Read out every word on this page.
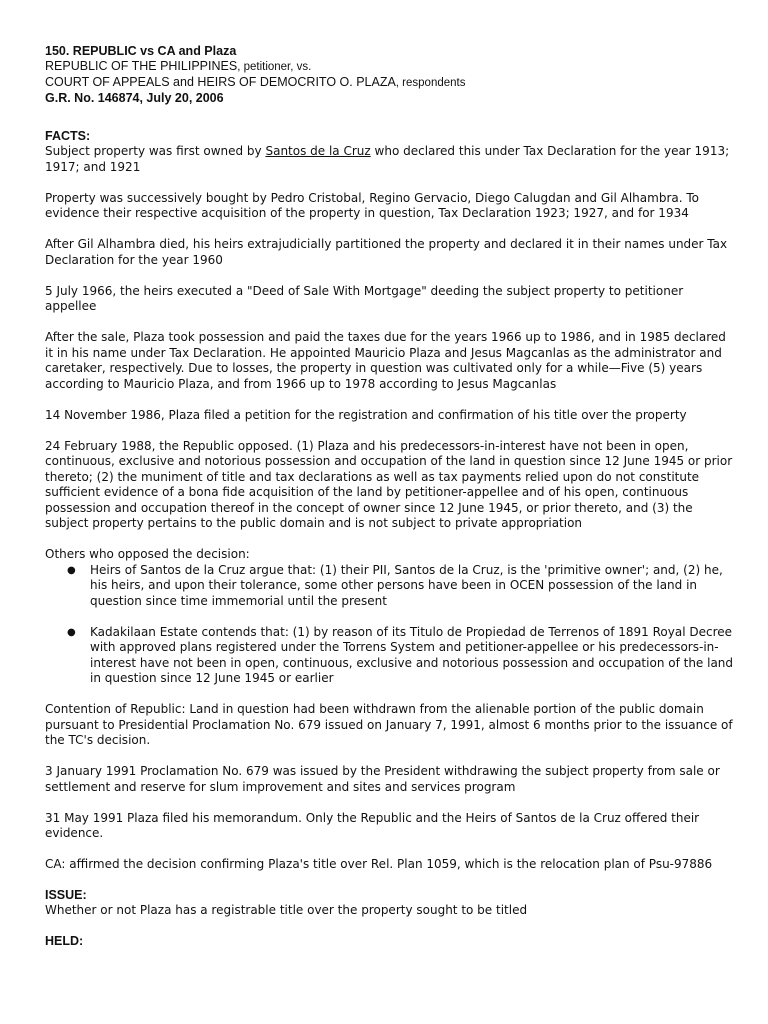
150. REPUBLIC vs CA and Plaza
REPUBLIC OF THE PHILIPPINES, petitioner, vs.
COURT OF APPEALS and HEIRS OF DEMOCRITO O. PLAZA, respondents
G.R. No. 146874, July 20, 2006
FACTS:

Subject property was first owned by Santos de la Cruz who declared this under Tax Declaration for the year 1913; 1917; and 1921

Property was successively bought by Pedro Cristobal, Regino Gervacio, Diego Calugdan and Gil Alhambra. To evidence their respective acquisition of the property in question, Tax Declaration 1923; 1927, and for 1934

After Gil Alhambra died, his heirs extrajudicially partitioned the property and declared it in their names under Tax Declaration for the year 1960

5 July 1966, the heirs executed a "Deed of Sale With Mortgage" deeding the subject property to petitioner appellee

After the sale, Plaza took possession and paid the taxes due for the years 1966 up to 1986, and in 1985 declared it in his name under Tax Declaration. He appointed Mauricio Plaza and Jesus Magcanlas as the administrator and caretaker, respectively. Due to losses, the property in question was cultivated only for a while—Five (5) years according to Mauricio Plaza, and from 1966 up to 1978 according to Jesus Magcanlas

14 November 1986, Plaza filed a petition for the registration and confirmation of his title over the property

24 February 1988, the Republic opposed. (1) Plaza and his predecessors-in-interest have not been in open, continuous, exclusive and notorious possession and occupation of the land in question since 12 June 1945 or prior thereto; (2) the muniment of title and tax declarations as well as tax payments relied upon do not constitute sufficient evidence of a bona fide acquisition of the land by petitioner-appellee and of his open, continuous possession and occupation thereof in the concept of owner since 12 June 1945, or prior thereto, and (3) the subject property pertains to the public domain and is not subject to private appropriation

Others who opposed the decision:

● Heirs of Santos de la Cruz argue that: (1) their PII, Santos de la Cruz, is the 'primitive owner'; and, (2) he, his heirs, and upon their tolerance, some other persons have been in OCEN possession of the land in question since time immemorial until the present
● Kadakilaan Estate contends that: (1) by reason of its Titulo de Propiedad de Terrenos of 1891 Royal Decree with approved plans registered under the Torrens System and petitioner-appellee or his predecessors-in-interest have not been in open, continuous, exclusive and notorious possession and occupation of the land in question since 12 June 1945 or earlier

Contention of Republic: Land in question had been withdrawn from the alienable portion of the public domain pursuant to Presidential Proclamation No. 679 issued on January 7, 1991, almost 6 months prior to the issuance of the TC's decision.

3 January 1991 Proclamation No. 679 was issued by the President withdrawing the subject property from sale or settlement and reserve for slum improvement and sites and services program

31 May 1991 Plaza filed his memorandum. Only the Republic and the Heirs of Santos de la Cruz offered their evidence.

CA: affirmed the decision confirming Plaza's title over Rel. Plan 1059, which is the relocation plan of Psu-97886

ISSUE:

Whether or not Plaza has a registrable title over the property sought to be titled

HELD:
